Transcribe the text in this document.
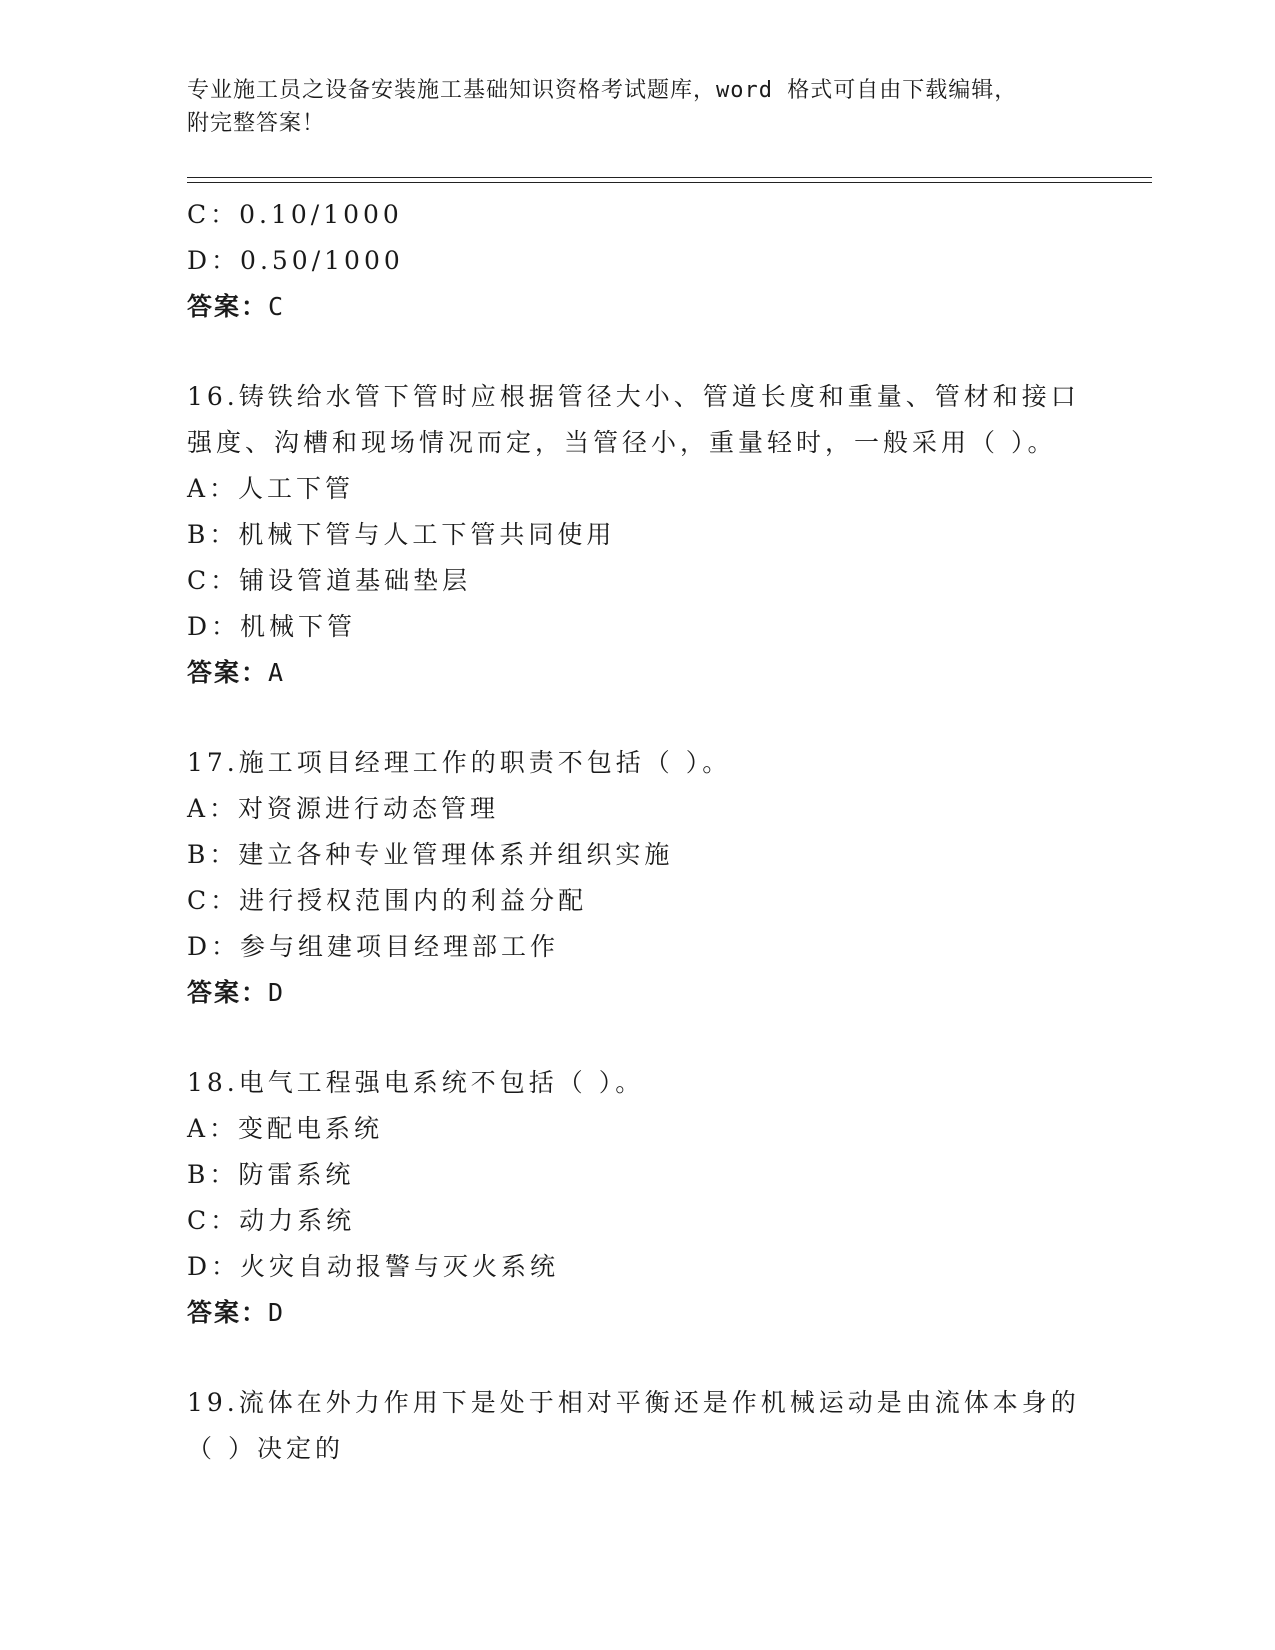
专业施工员之设备安装施工基础知识资格考试题库，word 格式可自由下载编辑，
附完整答案！
C：0.10/1000
D：0.50/1000
答案：C
16.铸铁给水管下管时应根据管径大小、管道长度和重量、管材和接口
强度、沟槽和现场情况而定，当管径小，重量轻时，一般采用（ ）。
A：人工下管
B：机械下管与人工下管共同使用
C：铺设管道基础垫层
D：机械下管
答案：A
17.施工项目经理工作的职责不包括（ ）。
A：对资源进行动态管理
B：建立各种专业管理体系并组织实施
C：进行授权范围内的利益分配
D：参与组建项目经理部工作
答案：D
18.电气工程强电系统不包括（ ）。
A：变配电系统
B：防雷系统
C：动力系统
D：火灾自动报警与灭火系统
答案：D
19.流体在外力作用下是处于相对平衡还是作机械运动是由流体本身的
（ ）决定的
